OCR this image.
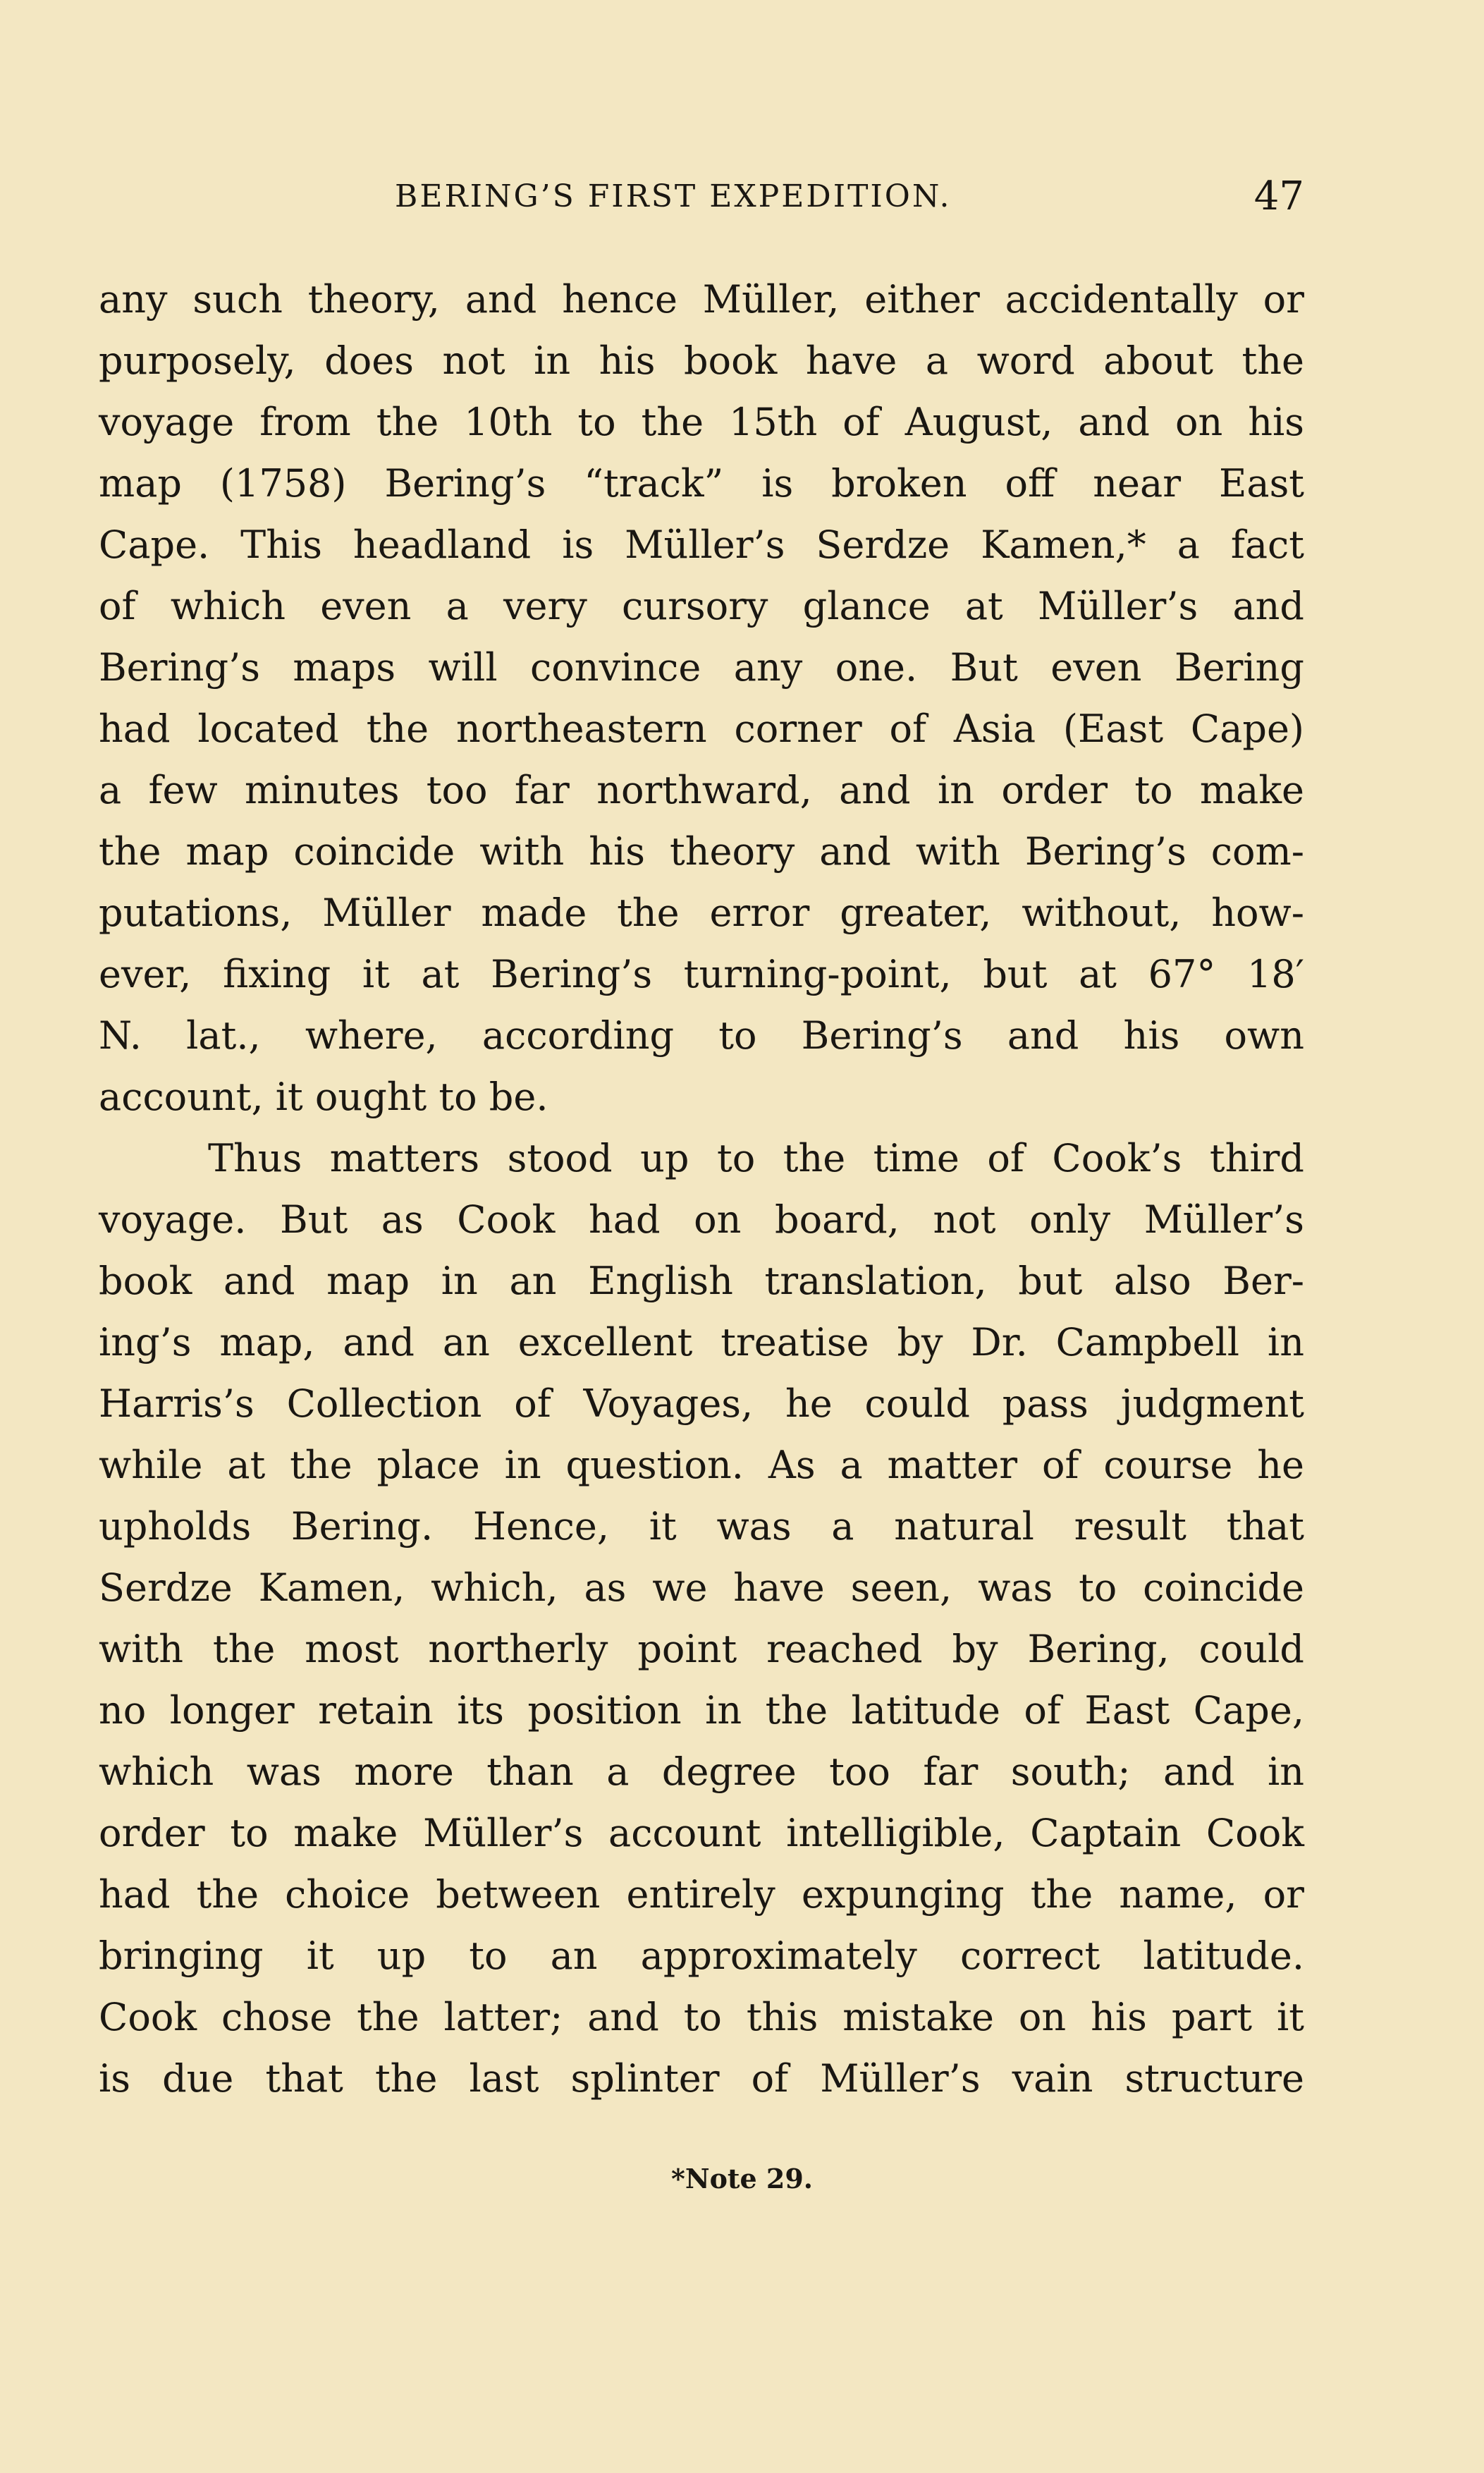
BERING’S FIRST EXPEDITION.	47

any such theory, and hence Müller, either accidentally or
purposely, does not in his book have a word about the
voyage from the 10th to the 15th of August, and on his
map (1758) Bering’s “track” is broken off near East
Cape. This headland is Müller’s Serdze Kamen,* a fact
of which even a very cursory glance at Müller’s and
Bering’s maps will convince any one. But even Bering
had located the northeastern corner of Asia (East Cape)
a few minutes too far northward, and in order to make
the map coincide with his theory and with Bering’s com-
putations, Müller made the error greater, without, how-
ever, fixing it at Bering’s turning-point, but at 67° 18′
N. lat., where, according to Bering’s and his own
account, it ought to be.

Thus matters stood up to the time of Cook’s third
voyage. But as Cook had on board, not only Müller’s
book and map in an English translation, but also Ber-
ing’s map, and an excellent treatise by Dr. Campbell in
Harris’s Collection of Voyages, he could pass judgment
while at the place in question. As a matter of course he
upholds Bering. Hence, it was a natural result that
Serdze Kamen, which, as we have seen, was to coincide
with the most northerly point reached by Bering, could
no longer retain its position in the latitude of East Cape,
which was more than a degree too far south; and in
order to make Müller’s account intelligible, Captain Cook
had the choice between entirely expunging the name, or
bringing it up to an approximately correct latitude.
Cook chose the latter; and to this mistake on his part it
is due that the last splinter of Müller’s vain structure

*Note 29.
